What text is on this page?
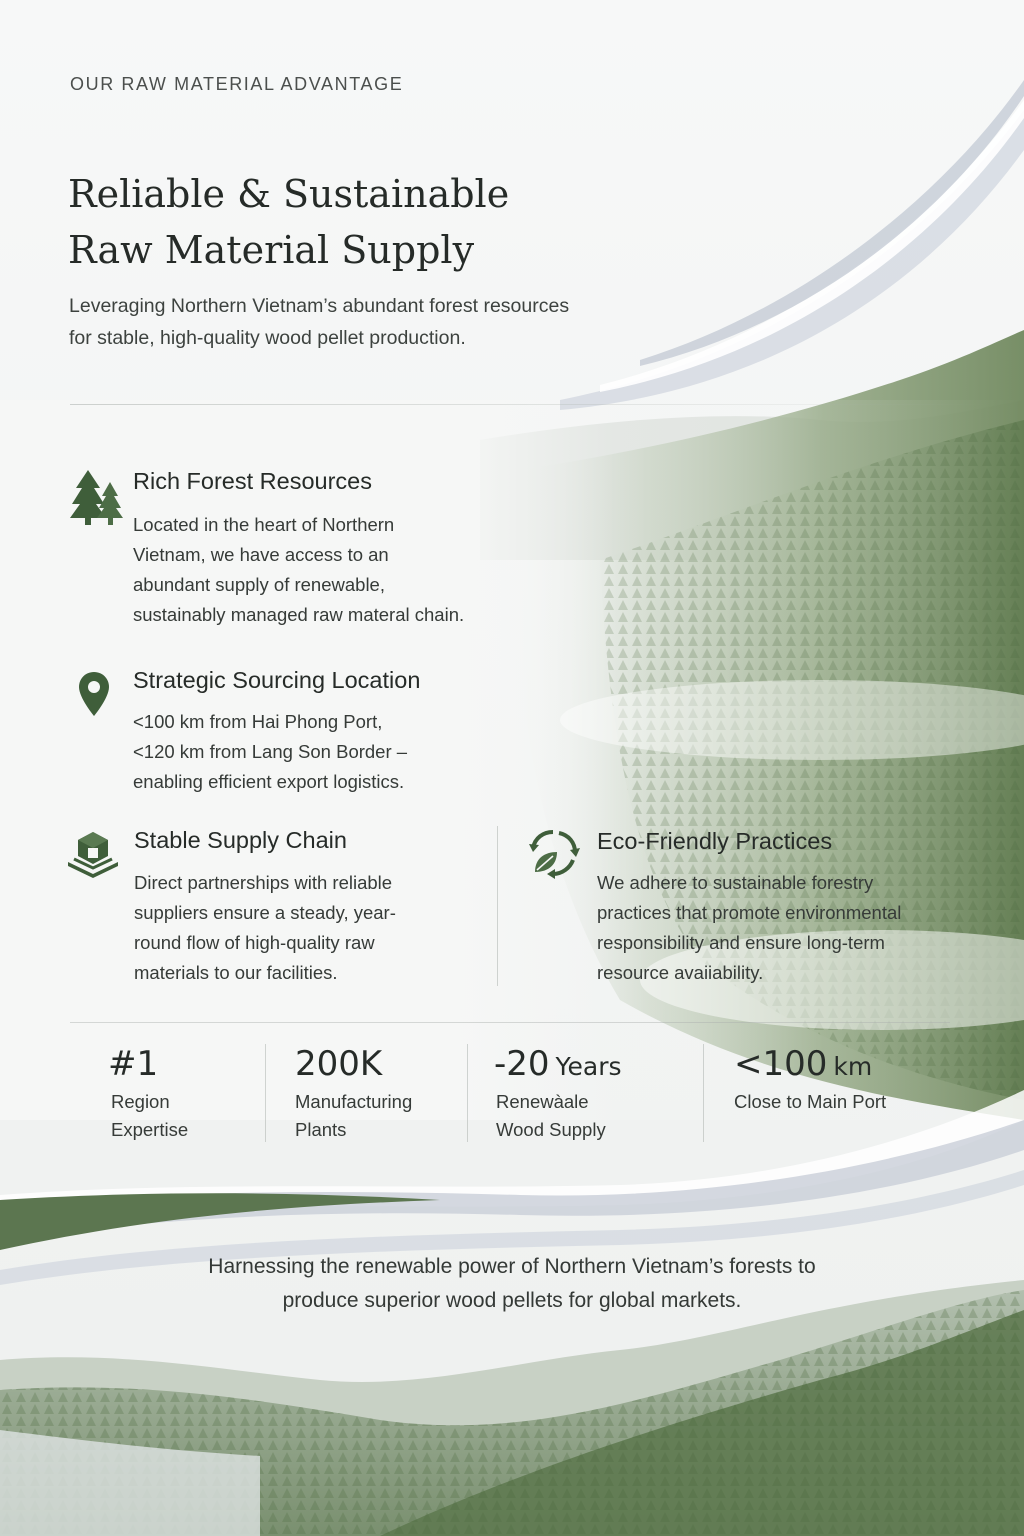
OUR RAW MATERIAL ADVANTAGE
Reliable & Sustainable
Raw Material Supply

Leveraging Northern Vietnam’s abundant forest resources
for stable, high-quality wood pellet production.

Rich Forest Resources

Located in the heart of Northern
Vietnam, we have access to an
abundant supply of renewable,
sustainably managed raw materal chain.

Strategic Sourcing Location

<100 km from Hai Phong Port,
<120 km from Lang Son Border –
enabling efficient export logistics.

Stable Supply Chain

Direct partnerships with reliable
suppliers ensure a steady, year-
round flow of high-quality raw
materials to our facilities.

Eco-Friendly Practices

We adhere to sustainable forestry
practices that promote environmental
responsibility and ensure long-term
resource avaiiability.

#1
Region
Expertise
200K
Manufacturing
Plants
-20 Years
Renewàale
Wood Supply
<100 km
Close to Main Port

Harnessing the renewable power of Northern Vietnam’s forests to
produce superior wood pellets for global markets.
